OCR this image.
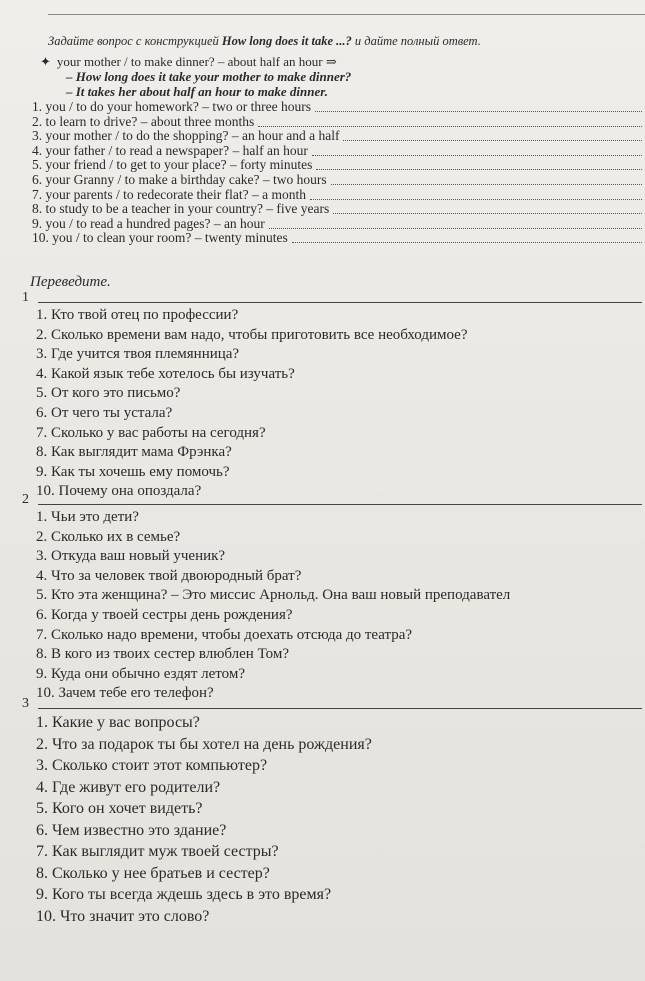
Задайте вопрос с конструкцией How long does it take ...? и дайте полный ответ.
✦ your mother / to make dinner? – about half an hour ⇒
– How long does it take your mother to make dinner?
– It takes her about half an hour to make dinner.
1. you / to do your homework? – two or three hours
2. to learn to drive? – about three months
3. your mother / to do the shopping? – an hour and a half
4. your father / to read a newspaper? – half an hour
5. your friend / to get to your place? – forty minutes
6. your Granny / to make a birthday cake? – two hours
7. your parents / to redecorate their flat? – a month
8. to study to be a teacher in your country? – five years
9. you / to read a hundred pages? – an hour
10. you / to clean your room? – twenty minutes
Переведите.
1
1. Кто твой отец по профессии?
2. Сколько времени вам надо, чтобы приготовить все необходимое?
3. Где учится твоя племянница?
4. Какой язык тебе хотелось бы изучать?
5. От кого это письмо?
6. От чего ты устала?
7. Сколько у вас работы на сегодня?
8. Как выглядит мама Фрэнка?
9. Как ты хочешь ему помочь?
10. Почему она опоздала?
2
1. Чьи это дети?
2. Сколько их в семье?
3. Откуда ваш новый ученик?
4. Что за человек твой двоюродный брат?
5. Кто эта женщина? – Это миссис Арнольд. Она ваш новый преподавател
6. Когда у твоей сестры день рождения?
7. Сколько надо времени, чтобы доехать отсюда до театра?
8. В кого из твоих сестер влюблен Том?
9. Куда они обычно ездят летом?
10. Зачем тебе его телефон?
3
1. Какие у вас вопросы?
2. Что за подарок ты бы хотел на день рождения?
3. Сколько стоит этот компьютер?
4. Где живут его родители?
5. Кого он хочет видеть?
6. Чем известно это здание?
7. Как выглядит муж твоей сестры?
8. Сколько у нее братьев и сестер?
9. Кого ты всегда ждешь здесь в это время?
10. Что значит это слово?
